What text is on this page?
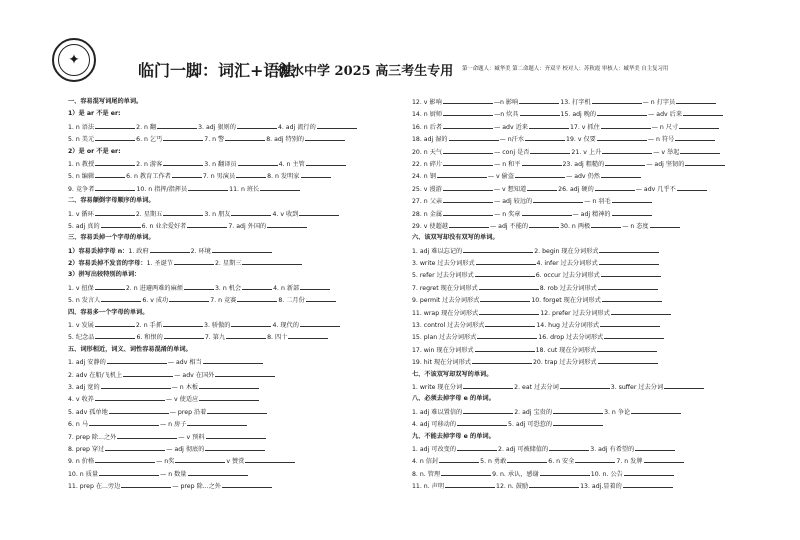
✦
临门一脚：词汇+语法
衡水中学 2025 高三考生专用 第一命题人：臧华美 第二命题人：齐双平 校对人：苏秋霞 审核人：臧华美 自主复习用
一、容易混写词尾的单词。
1）是 ar 不是 er:
1. n 语法	2. n 翻	3. adj 狠则的	4. adj 流行的
5. n 美元	6. n 乞丐	7. n 警	8. adj 特别的
2）是 or 不是 er:
1. n 教授	2. n 游客	3. n 翻译员	4. n 主管
5. n 编辑	6. n 教育工作者	7. n 男演员	8. n 发明家
9. 竞争者	10. n 指挥/指挥员	11. n 班长
二、容易颠倒字母顺序的单词。
1. v 循环	2. 星期五	3. n 朋友	4. v 收到
5. adj 真的	6. n 业余爱好者	7. adj 外国的
三、容易丢掉一个字母的单词。
1）容易丢掉字母 n：1. 政府	2. 环境
2）容易丢掉不发音的字母：1. 圣诞节	2. 星期三
3）拼写出较特别的单词：
1. v 扭保	2. n 进避两难的麻烦	3. n 机会	4. n 新部
5. n 发言人	6. v 成功	7. n 竞赛	8. 二月份
四、容易多一个字母的单词。
1. v 发展	2. n 手抓	3. 骄傲的	4. 现代的
5. 纪念品	6. 和恨的	7. 第九	8. 四十
五、词形相近，词义、词性容易混淆的单词。
1. adj 安静的	— adv 相当
2. adv 在船/飞机上	— adv 在国外
3. adj 宽的	— n 木板
4. v 收养	— v 使适应
5. adv 孤单地	— prep 沿着
6. n 马	— n 房子
7. prep 除...之外	— v 预料
8. prep 穿过	— adj 彻底的
9. n 价格	— n奖	v 赞赏
10. n 质量	— n 数量
11. prep 在...旁边	— prep 除...之外
12. v 影响	—n 影响	13. 打字机	— n 打字员
14. n 厨师	—n 炊具	15. adj 晚的	— adv 后来
16. n 后者	— adv 近来	17. v 抓住	— n 尺寸
18. adj 湿的	— n汗水	19. v 仅要	— n 符号
20. n 天气	— conj 是否	21. v 上升	— v 举起
22. n 碎片	— n 和平	23. adj 粗糙的	— adj 坚韧的
24. n 钢	— v 偷盗	— adv 仍然
25. v 漫游	— v 想知道	26. adj 硬的	— adv 几乎不
27. n 父亲	— adj 较远的	— n 羽毛
28. n 金属	— n 奖章	— adj 精神的
29. v 使超越	— adj 不能的	30. n 两极	— n 态度
六、该双写却没有双写的单词。
1. adj 难以忘记的	2. begin 现在分词形式
3. write 过去分词形式	4. infer 过去分词形式
5. refer 过去分词形式	6. occur 过去分词形式
7. regret 现在分词形式	8. rob 过去分词形式
9. permit 过去分词形式	10. forget 现在分词形式
11. wrap 现在分词形式	12. prefer 过去分词形式
13. control 过去分词形式	14. hug 过去分词形式
15. plan 过去分词形式	16. drop 过去分词形式
17. win 现在分词形式	18. cut 现在分词形式
19. hit 现在分词形式	20. trap 过去分词形式
七、不该双写却双写的单词。
1. write 现在分词	2. eat 过去分词	3. suffer 过去分词
八、必须去掉字母 e 的单词。
1. adj 难以置信的	2. adj 宝贵的	3. n 争论
4. adj 可移动的	5. adj 可恐惹的
九、不能去掉字母 e 的单词。
1. adj 可改变的	2. adj 可被储值的	3. adj 有希望的
4. n 信封	5. n 勇敢	6. n 安全	7. n 发牌
8. n. 管理	9. n. 承认，感谢	10. n. 公告
11. n. 声明	12. n. 鼓励	13. adj.显着的
